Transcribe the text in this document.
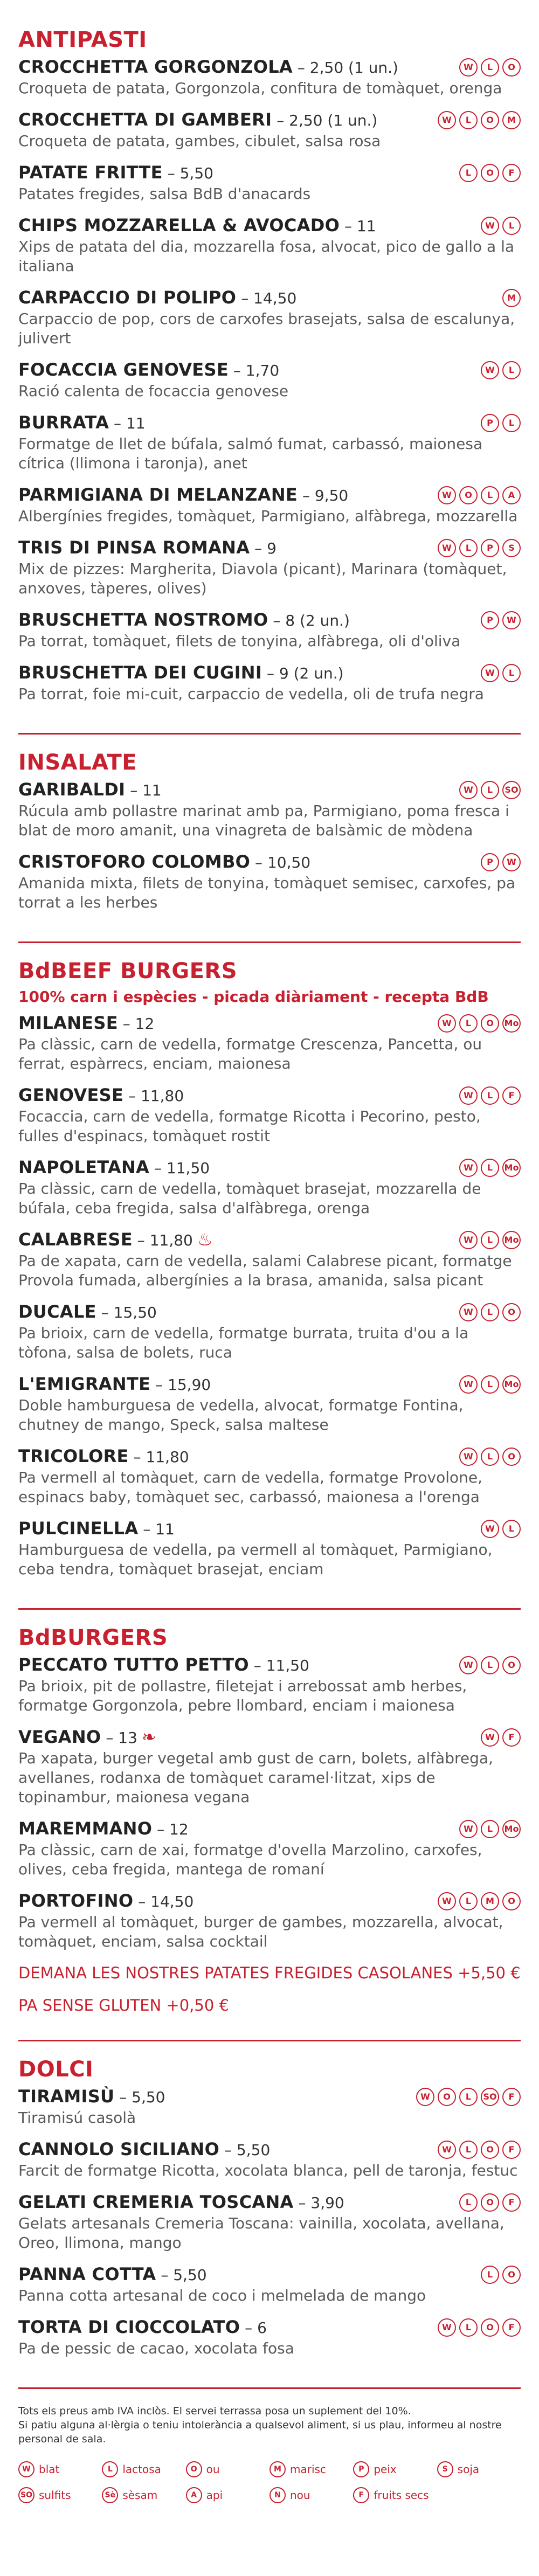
ANTIPASTI
CROCCHETTA GORGONZOLA – 2,50 (1 un.)	W	L	O

Croqueta de patata, Gorgonzola, confitura de tomàquet, orenga

CROCCHETTA DI GAMBERI – 2,50 (1 un.)	W	L	O	M

Croqueta de patata, gambes, cibulet, salsa rosa

PATATE FRITTE – 5,50	L	O	F

Patates fregides, salsa BdB d'anacards

CHIPS MOZZARELLA & AVOCADO – 11	W	L

Xips de patata del dia, mozzarella fosa, alvocat, pico de gallo a la italiana

CARPACCIO DI POLIPO – 14,50	M

Carpaccio de pop, cors de carxofes brasejats, salsa de escalunya, julivert

FOCACCIA GENOVESE – 1,70	W	L

Ració calenta de focaccia genovese

BURRATA – 11	P	L

Formatge de llet de búfala, salmó fumat, carbassó, maionesa cítrica (llimona i taronja), anet

PARMIGIANA DI MELANZANE – 9,50	W	O	L	A

Albergínies fregides, tomàquet, Parmigiano, alfàbrega, mozzarella

TRIS DI PINSA ROMANA – 9	W	L	P	S

Mix de pizzes: Margherita, Diavola (picant), Marinara (tomàquet, anxoves, tàperes, olives)

BRUSCHETTA NOSTROMO – 8 (2 un.)	P	W

Pa torrat, tomàquet, filets de tonyina, alfàbrega, oli d'oliva

BRUSCHETTA DEI CUGINI – 9 (2 un.)	W	L

Pa torrat, foie mi-cuit, carpaccio de vedella, oli de trufa negra

INSALATE
GARIBALDI – 11	W	L	SO

Rúcula amb pollastre marinat amb pa, Parmigiano, poma fresca i blat de moro amanit, una vinagreta de balsàmic de mòdena

CRISTOFORO COLOMBO – 10,50	P	W

Amanida mixta, filets de tonyina, tomàquet semisec, carxofes, pa torrat a les herbes

BdBEEF BURGERS
100% carn i espècies - picada diàriament - recepta BdB
MILANESE – 12	W	L	O	Mo

Pa clàssic, carn de vedella, formatge Crescenza, Pancetta, ou ferrat, espàrrecs, enciam, maionesa

GENOVESE – 11,80	W	L	F

Focaccia, carn de vedella, formatge Ricotta i Pecorino, pesto, fulles d'espinacs, tomàquet rostit

NAPOLETANA – 11,50	W	L	Mo

Pa clàssic, carn de vedella, tomàquet brasejat, mozzarella de búfala, ceba fregida, salsa d'alfàbrega, orenga

CALABRESE – 11,80 ♨	W	L	Mo

Pa de xapata, carn de vedella, salami Calabrese picant, formatge Provola fumada, albergínies a la brasa, amanida, salsa picant

DUCALE – 15,50	W	L	O

Pa brioix, carn de vedella, formatge burrata, truita d'ou a la tòfona, salsa de bolets, ruca

L'EMIGRANTE – 15,90	W	L	Mo

Doble hamburguesa de vedella, alvocat, formatge Fontina, chutney de mango, Speck, salsa maltese

TRICOLORE – 11,80	W	L	O

Pa vermell al tomàquet, carn de vedella, formatge Provolone, espinacs baby, tomàquet sec, carbassó, maionesa a l'orenga

PULCINELLA – 11	W	L

Hamburguesa de vedella, pa vermell al tomàquet, Parmigiano, ceba tendra, tomàquet brasejat, enciam

BdBURGERS
PECCATO TUTTO PETTO – 11,50	W	L	O

Pa brioix, pit de pollastre, filetejat i arrebossat amb herbes, formatge Gorgonzola, pebre llombard, enciam i maionesa

VEGANO – 13 ❧	W	F

Pa xapata, burger vegetal amb gust de carn, bolets, alfàbrega, avellanes, rodanxa de tomàquet caramel·litzat, xips de topinambur, maionesa vegana

MAREMMANO – 12	W	L	Mo

Pa clàssic, carn de xai, formatge d'ovella Marzolino, carxofes, olives, ceba fregida, mantega de romaní

PORTOFINO – 14,50	W	L	M	O

Pa vermell al tomàquet, burger de gambes, mozzarella, alvocat, tomàquet, enciam, salsa cocktail

DEMANA LES NOSTRES PATATES FREGIDES CASOLANES +5,50 €
PA SENSE GLUTEN +0,50 €
DOLCI
TIRAMISÙ – 5,50	W	O	L	SO	F

Tiramisú casolà

CANNOLO SICILIANO – 5,50	W	L	O	F

Farcit de formatge Ricotta, xocolata blanca, pell de taronja, festuc

GELATI CREMERIA TOSCANA – 3,90	L	O	F

Gelats artesanals Cremeria Toscana: vainilla, xocolata, avellana, Oreo, llimona, mango

PANNA COTTA – 5,50	L	O

Panna cotta artesanal de coco i melmelada de mango

TORTA DI CIOCCOLATO – 6	W	L	O	F

Pa de pessic de cacao, xocolata fosa

Tots els preus amb IVA inclòs. El servei terrassa posa un suplement del 10%.

Si patiu alguna al·lèrgia o teniu intolerància a qualsevol aliment, si us plau, informeu al nostre personal de sala.

W blat	L lactosa	O ou	M marisc	P peix	S soja
SO sulfits	Sè sèsam	A api	N nou	F fruits secs
